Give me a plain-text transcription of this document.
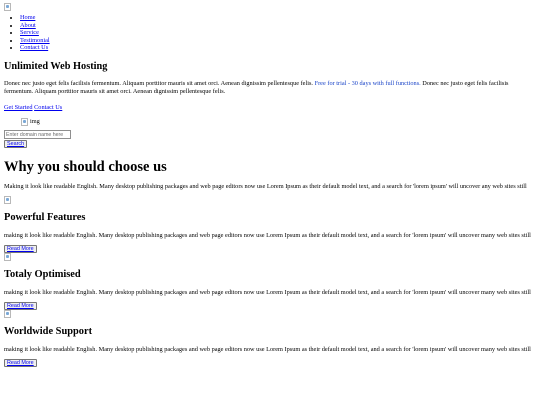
• Home
• About
• Service
• Testimonial
• Contact Us
Unlimited Web Hosting

Donec nec justo eget felis facilisis fermentum. Aliquam porttitor mauris sit amet orci. Aenean dignissim pellentesque felis. Free for trial - 30 days with full functions. Donec nec justo eget felis facilisis fermentum. Aliquam porttitor mauris sit amet orci. Aenean dignissim pellentesque felis.

Get Started Contact Us
img
Enter domain name here Search
Why you should choose us

Making it look like readable English. Many desktop publishing packages and web page editors now use Lorem Ipsum as their default model text, and a search for 'lorem ipsum' will uncover any web sites still

Powerful Features

making it look like readable English. Many desktop publishing packages and web page editors now use Lorem Ipsum as their default model text, and a search for 'lorem ipsum' will uncover many web sites still

Read More
Totaly Optimised

making it look like readable English. Many desktop publishing packages and web page editors now use Lorem Ipsum as their default model text, and a search for 'lorem ipsum' will uncover many web sites still

Read More
Worldwide Support

making it look like readable English. Many desktop publishing packages and web page editors now use Lorem Ipsum as their default model text, and a search for 'lorem ipsum' will uncover many web sites still

Read More
